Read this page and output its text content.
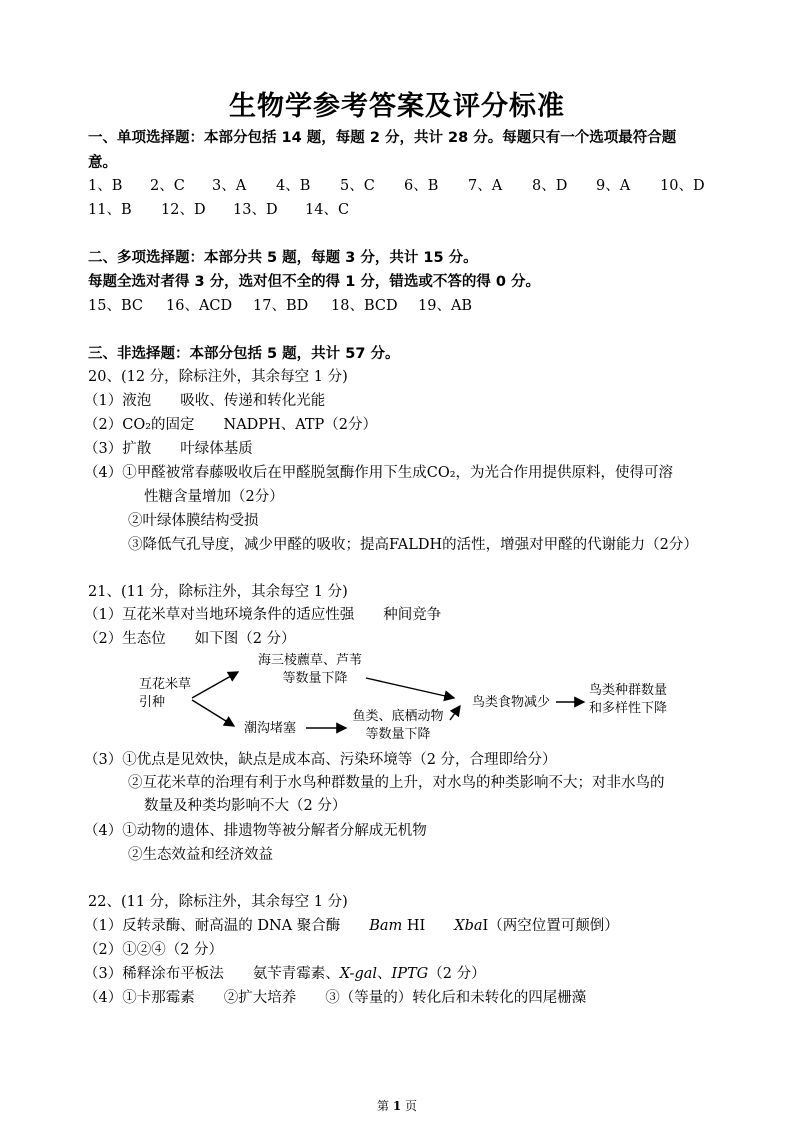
生物学参考答案及评分标准
一、单项选择题：本部分包括 14 题，每题 2 分，共计 28 分。每题只有一个选项最符合题
意。
1、B 2、C 3、A 4、B 5、C 6、B 7、A 8、D 9、A 10、D
11、B 12、D 13、D 14、C
二、多项选择题：本部分共 5 题，每题 3 分，共计 15 分。
每题全选对者得 3 分，选对但不全的得 1 分，错选或不答的得 0 分。
15、BC 16、ACD 17、BD 18、BCD 19、AB
三、非选择题：本部分包括 5 题，共计 57 分。
20、(12 分，除标注外，其余每空 1 分)
（1）液泡　　吸收、传递和转化光能
（2）CO₂的固定　　NADPH、ATP（2分）
（3）扩散　　叶绿体基质
（4）①甲醛被常春藤吸收后在甲醛脱氢酶作用下生成CO₂，为光合作用提供原料，使得可溶
性糖含量增加（2分）
②叶绿体膜结构受损
③降低气孔导度，减少甲醛的吸收；提高FALDH的活性，增强对甲醛的代谢能力（2分）
21、(11 分，除标注外，其余每空 1 分)
（1）互花米草对当地环境条件的适应性强　　种间竞争
（2）生态位　　如下图（2 分）
互花米草
引种
海三棱藨草、芦苇
等数量下降
潮沟堵塞
鱼类、底栖动物
等数量下降
鸟类食物减少
鸟类种群数量
和多样性下降
（3）①优点是见效快，缺点是成本高、污染环境等（2 分，合理即给分）
②互花米草的治理有利于水鸟种群数量的上升，对水鸟的种类影响不大；对非水鸟的
数量及种类均影响不大（2 分）
（4）①动物的遗体、排遗物等被分解者分解成无机物
②生态效益和经济效益
22、(11 分，除标注外，其余每空 1 分)
（1）反转录酶、耐高温的 DNA 聚合酶　　Bam HⅠ　　XbaⅠ（两空位置可颠倒）
（2）①②④（2 分）
（3）稀释涂布平板法　　氨苄青霉素、X-gal、IPTG（2 分）
（4）①卡那霉素　　②扩大培养　　③（等量的）转化后和未转化的四尾栅藻
第 1 页
